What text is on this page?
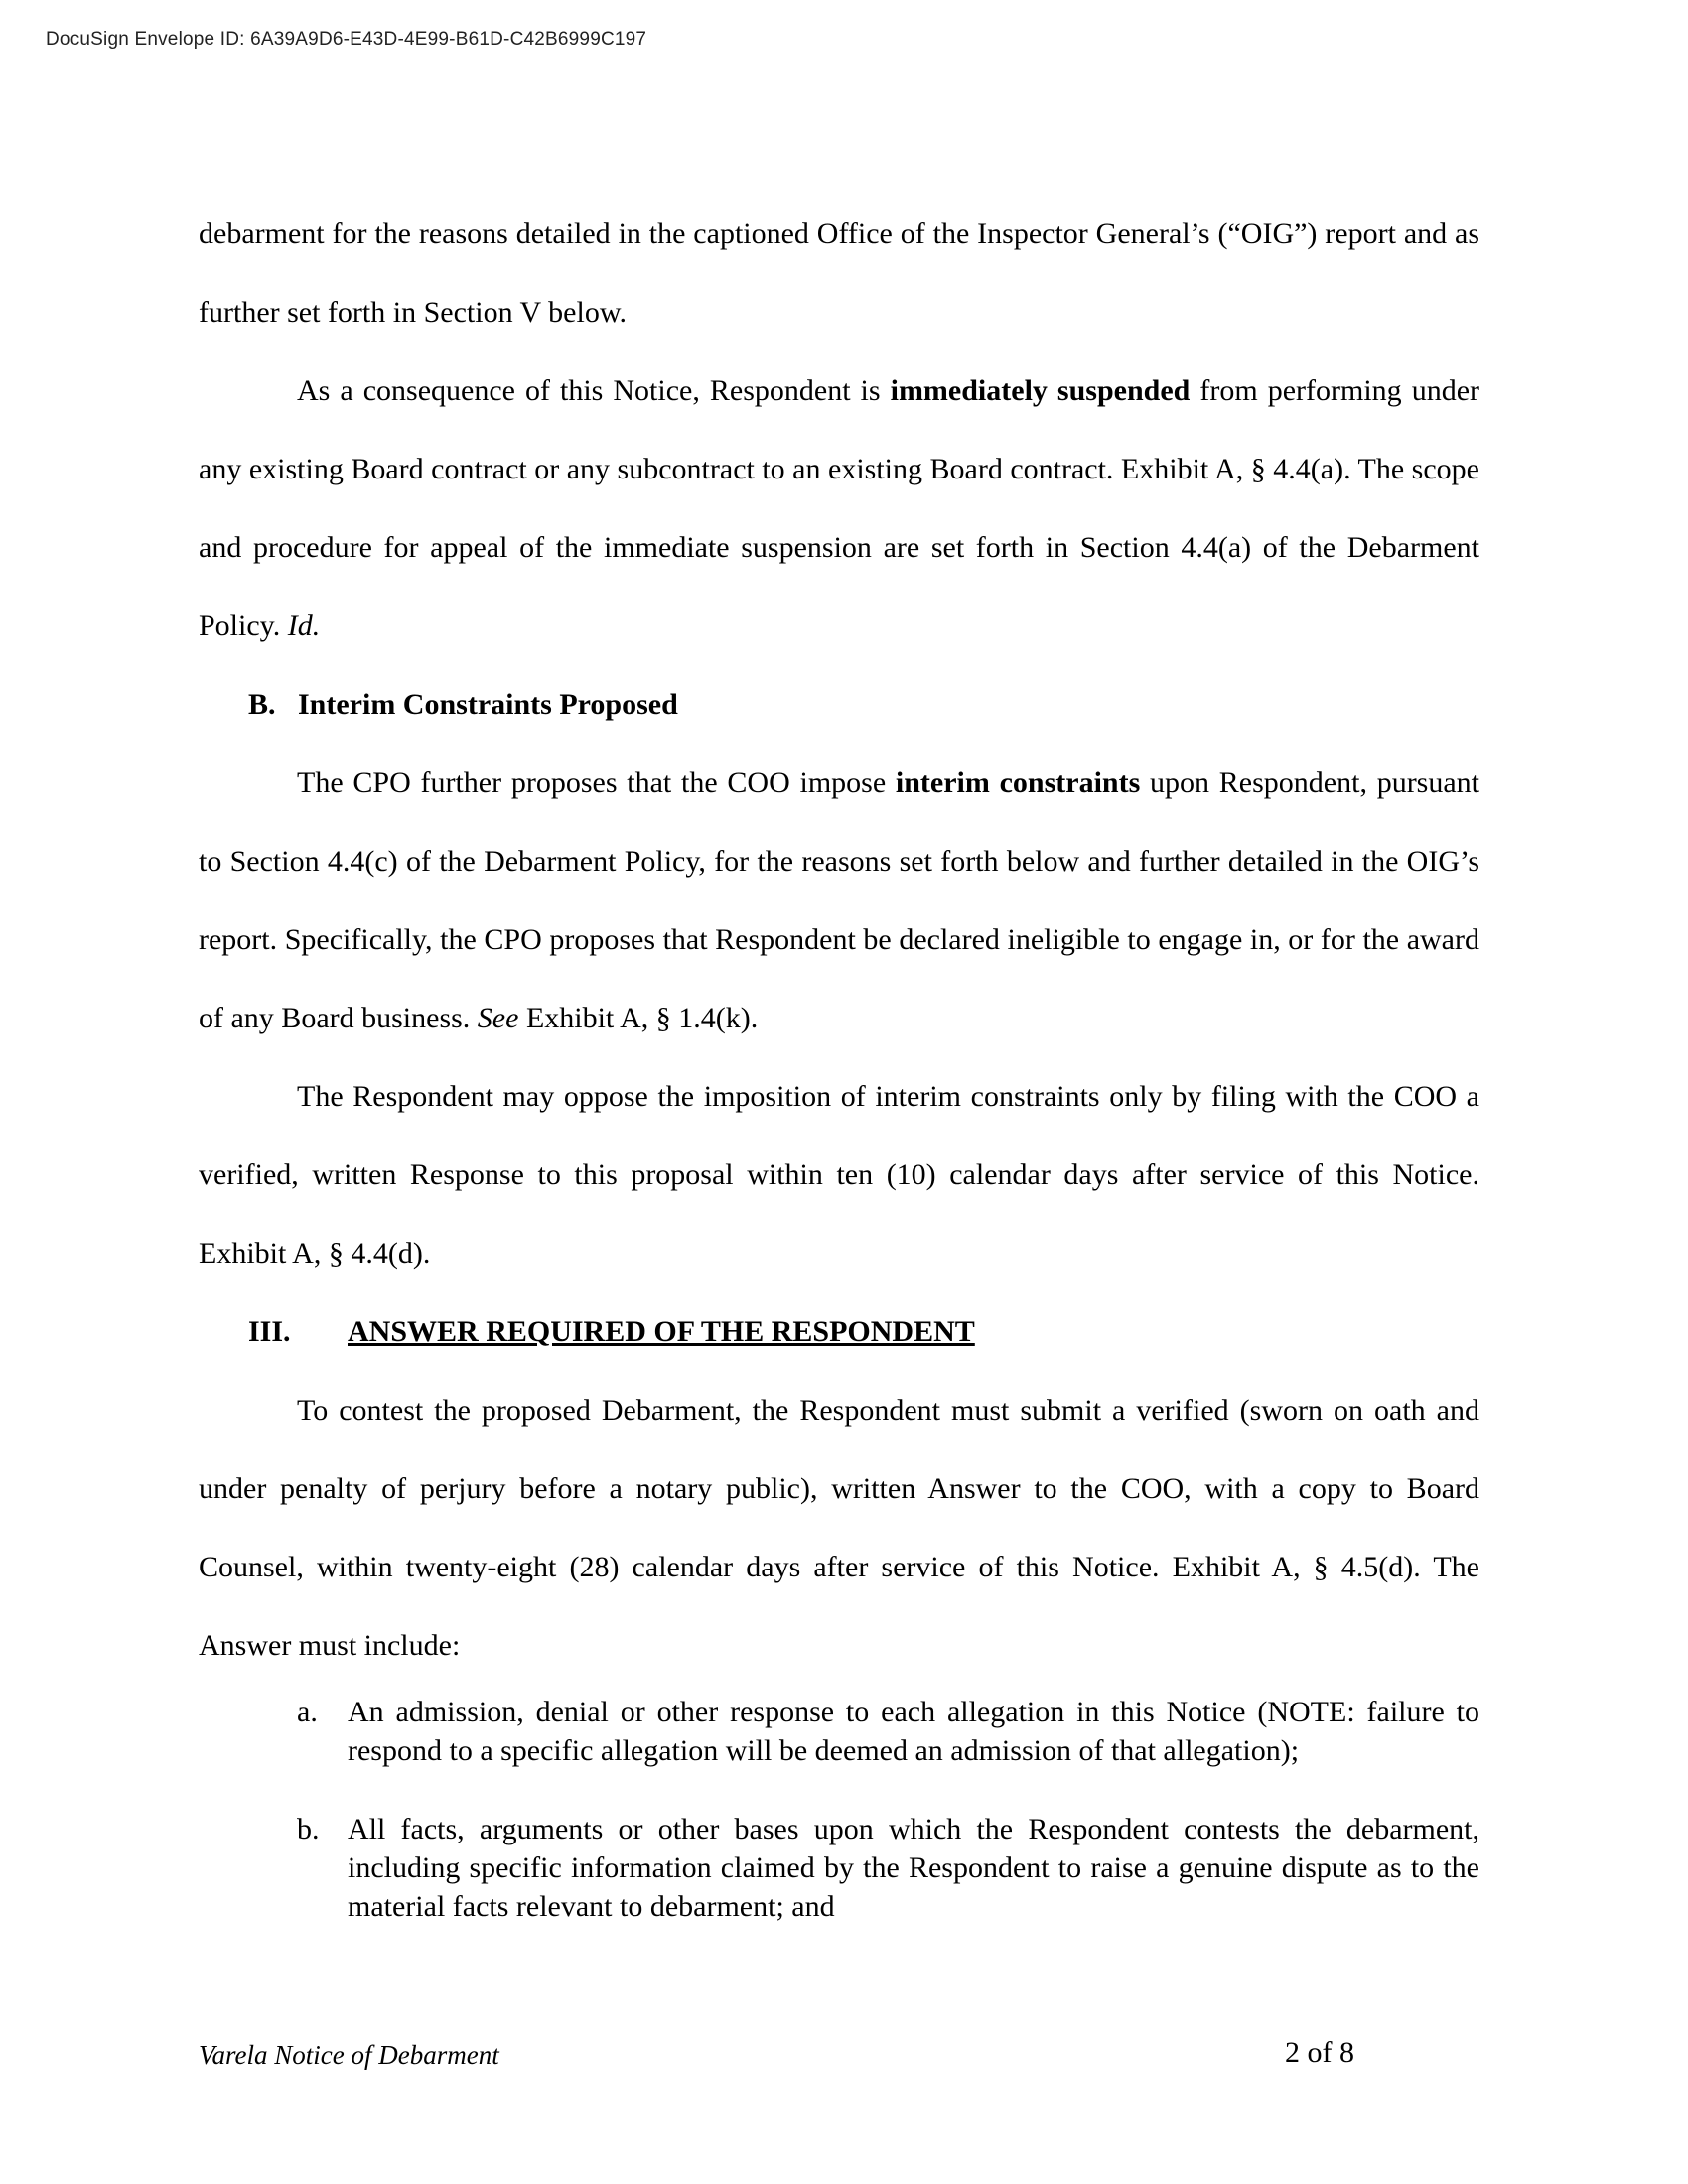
DocuSign Envelope ID: 6A39A9D6-E43D-4E99-B61D-C42B6999C197

debarment for the reasons detailed in the captioned Office of the Inspector General’s (“OIG”) report and as further set forth in Section V below.

As a consequence of this Notice, Respondent is immediately suspended from performing under any existing Board contract or any subcontract to an existing Board contract. Exhibit A, § 4.4(a). The scope and procedure for appeal of the immediate suspension are set forth in Section 4.4(a) of the Debarment Policy. Id.

B. Interim Constraints Proposed

The CPO further proposes that the COO impose interim constraints upon Respondent, pursuant to Section 4.4(c) of the Debarment Policy, for the reasons set forth below and further detailed in the OIG’s report. Specifically, the CPO proposes that Respondent be declared ineligible to engage in, or for the award of any Board business. See Exhibit A, § 1.4(k).

The Respondent may oppose the imposition of interim constraints only by filing with the COO a verified, written Response to this proposal within ten (10) calendar days after service of this Notice. Exhibit A, § 4.4(d).

III. ANSWER REQUIRED OF THE RESPONDENT

To contest the proposed Debarment, the Respondent must submit a verified (sworn on oath and under penalty of perjury before a notary public), written Answer to the COO, with a copy to Board Counsel, within twenty-eight (28) calendar days after service of this Notice. Exhibit A, § 4.5(d). The Answer must include:

a. An admission, denial or other response to each allegation in this Notice (NOTE: failure to respond to a specific allegation will be deemed an admission of that allegation);
b. All facts, arguments or other bases upon which the Respondent contests the debarment, including specific information claimed by the Respondent to raise a genuine dispute as to the material facts relevant to debarment; and
Varela Notice of Debarment	2 of 8
